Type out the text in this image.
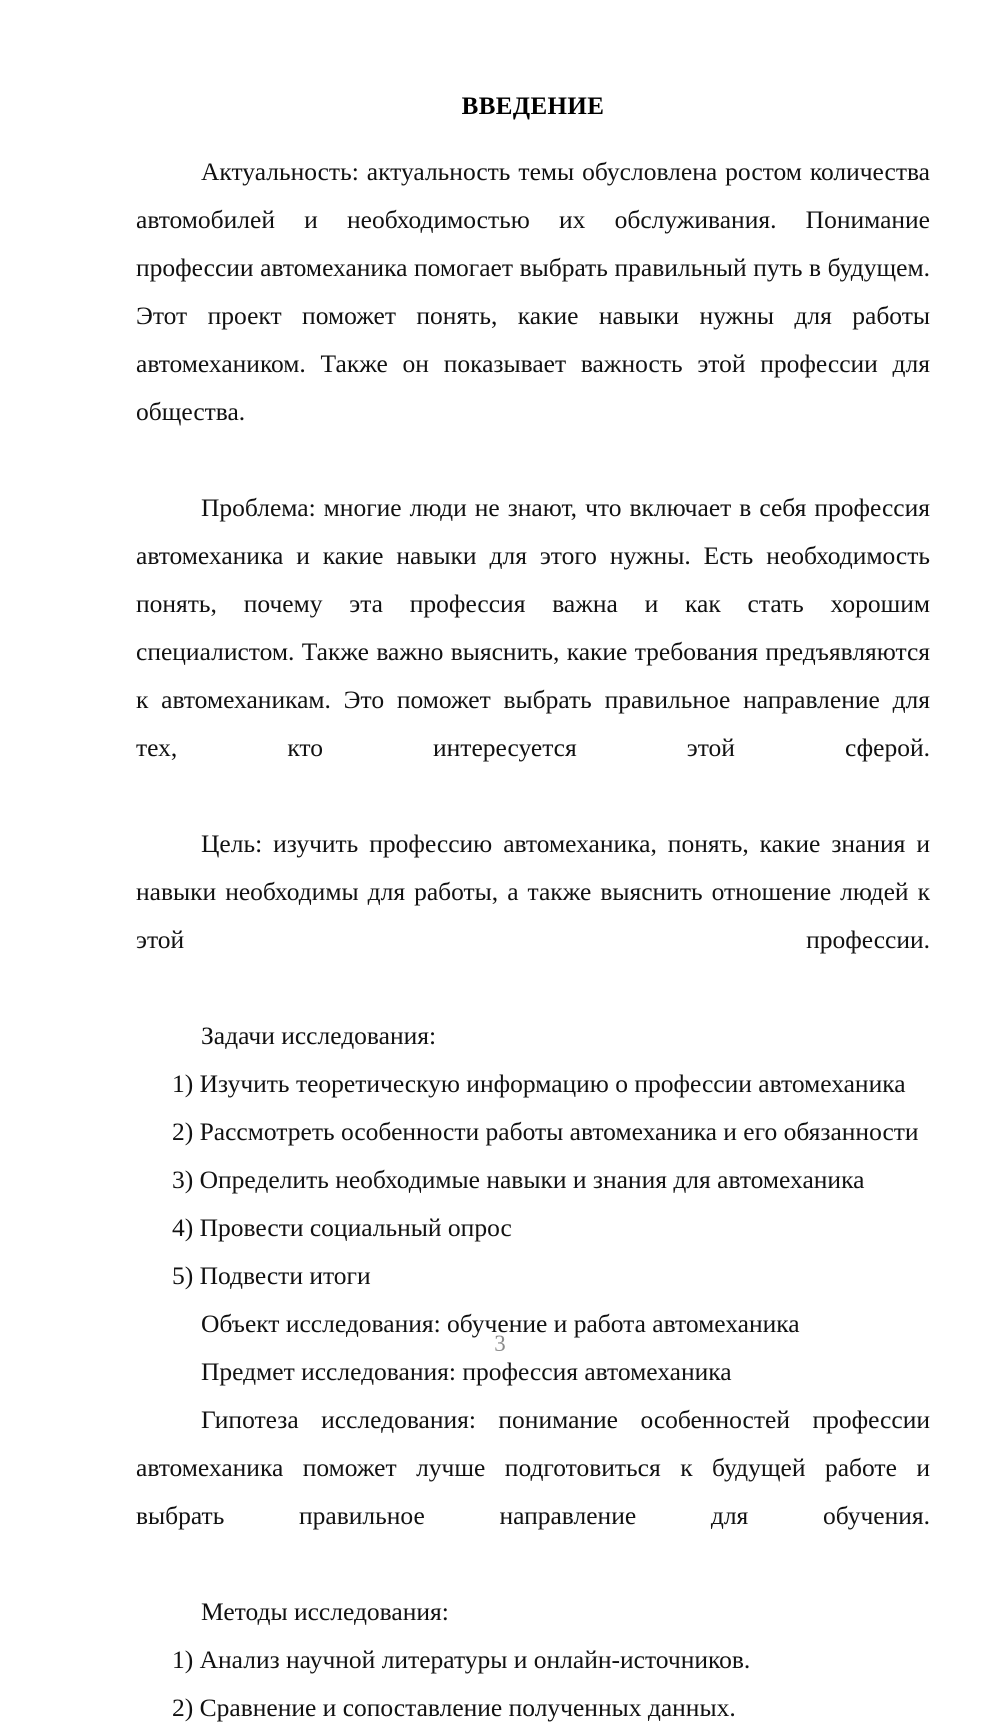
ВВЕДЕНИЕ

Актуальность: актуальность темы обусловлена ростом количества автомобилей и необходимостью их обслуживания. Понимание профессии автомеханика помогает выбрать правильный путь в будущем. Этот проект поможет понять, какие навыки нужны для работы автомехаником. Также он показывает важность этой профессии для общества.

Проблема: многие люди не знают, что включает в себя профессия автомеханика и какие навыки для этого нужны. Есть необходимость понять, почему эта профессия важна и как стать хорошим специалистом. Также важно выяснить, какие требования предъявляются к автомеханикам. Это поможет выбрать правильное направление для тех, кто интересуется этой сферой.

Цель: изучить профессию автомеханика, понять, какие знания и навыки необходимы для работы, а также выяснить отношение людей к этой профессии.

Задачи исследования:

1) Изучить теоретическую информацию о профессии автомеханика
2) Рассмотреть особенности работы автомеханика и его обязанности
3) Определить необходимые навыки и знания для автомеханика
4) Провести социальный опрос
5) Подвести итоги

Объект исследования: обучение и работа автомеханика

Предмет исследования: профессия автомеханика

Гипотеза исследования: понимание особенностей профессии автомеханика поможет лучше подготовиться к будущей работе и выбрать правильное направление для обучения.

Методы исследования:

1) Анализ научной литературы и онлайн-источников.
2) Сравнение и сопоставление полученных данных.
3
